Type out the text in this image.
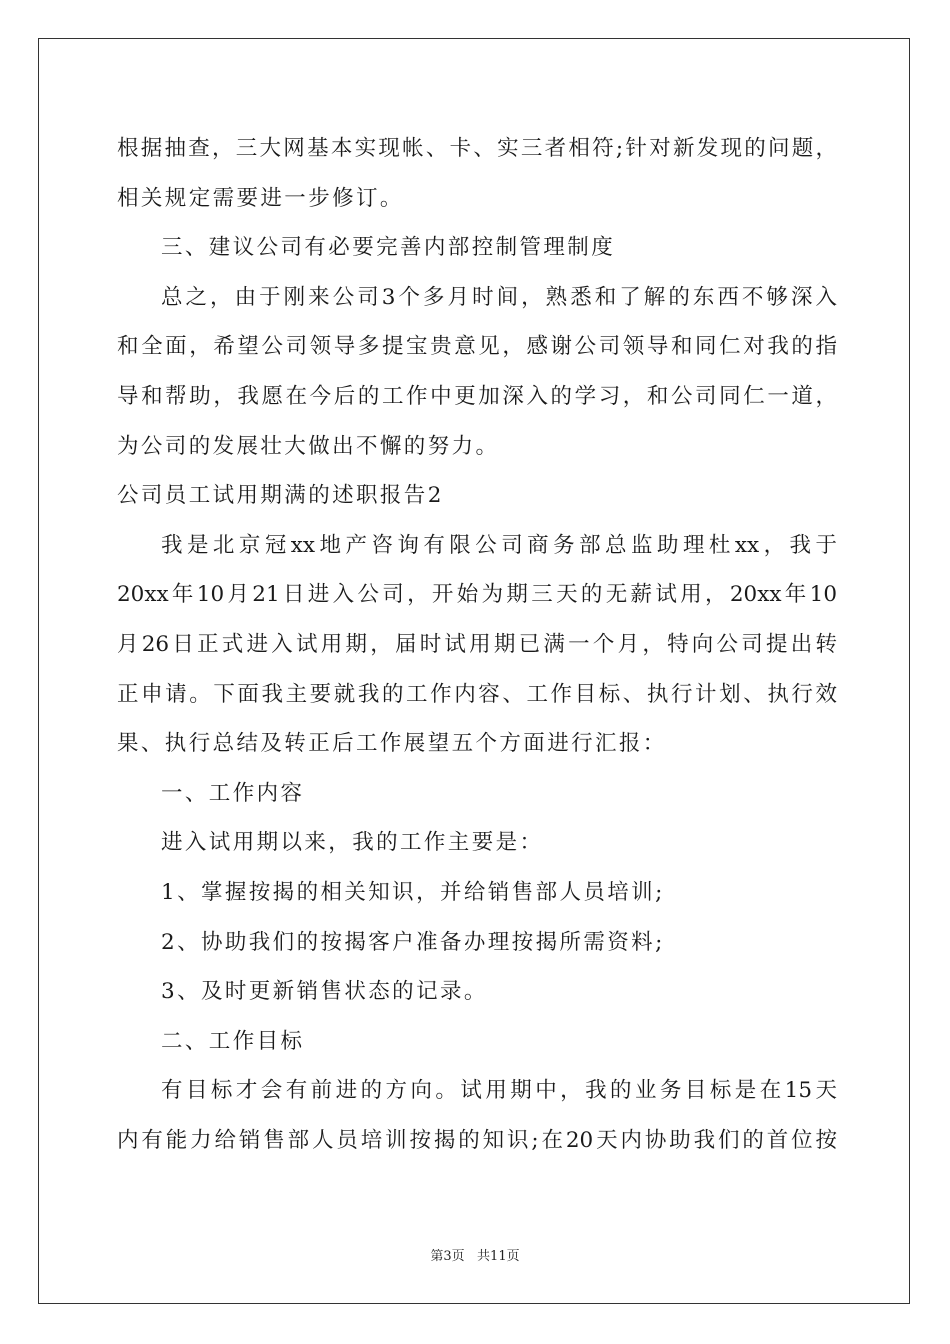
根据抽查，三大网基本实现帐、卡、实三者相符;针对新发现的问题，
相关规定需要进一步修订。
三、建议公司有必要完善内部控制管理制度
总之，由于刚来公司3个多月时间，熟悉和了解的东西不够深入
和全面，希望公司领导多提宝贵意见，感谢公司领导和同仁对我的指
导和帮助，我愿在今后的工作中更加深入的学习，和公司同仁一道，
为公司的发展壮大做出不懈的努力。
公司员工试用期满的述职报告2
我是北京冠xx地产咨询有限公司商务部总监助理杜xx，我于
20xx年10月21日进入公司，开始为期三天的无薪试用，20xx年10
月26日正式进入试用期，届时试用期已满一个月，特向公司提出转
正申请。下面我主要就我的工作内容、工作目标、执行计划、执行效
果、执行总结及转正后工作展望五个方面进行汇报：
一、工作内容
进入试用期以来，我的工作主要是：
1、掌握按揭的相关知识，并给销售部人员培训;
2、协助我们的按揭客户准备办理按揭所需资料;
3、及时更新销售状态的记录。
二、工作目标
有目标才会有前进的方向。试用期中，我的业务目标是在15天
内有能力给销售部人员培训按揭的知识;在20天内协助我们的首位按
第3页   共11页
